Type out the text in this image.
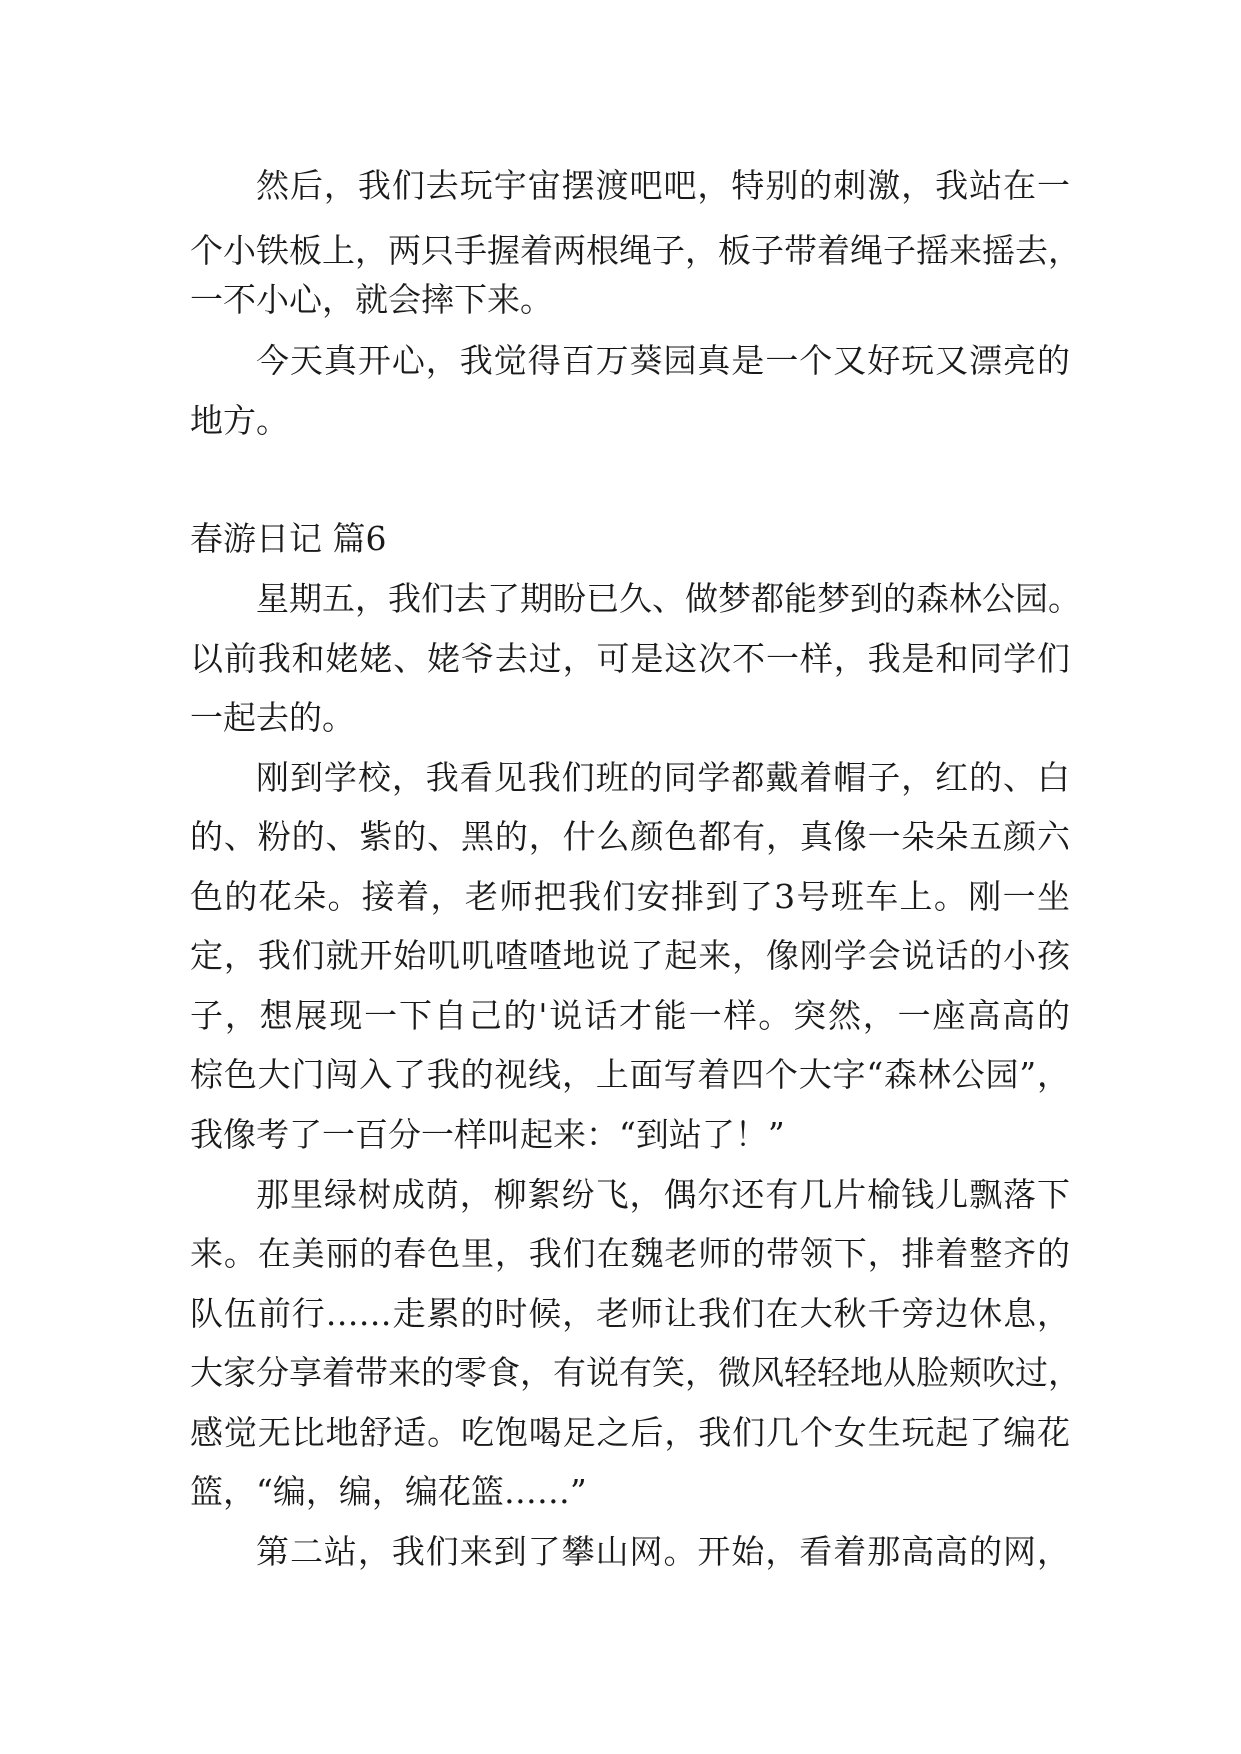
然后，我们去玩宇宙摆渡吧吧，特别的刺激，我站在一
个小铁板上，两只手握着两根绳子，板子带着绳子摇来摇去，
一不小心，就会摔下来。
今天真开心，我觉得百万葵园真是一个又好玩又漂亮的
地方。
春游日记 篇6
星期五，我们去了期盼已久、做梦都能梦到的森林公园。
以前我和姥姥、姥爷去过，可是这次不一样，我是和同学们
一起去的。
刚到学校，我看见我们班的同学都戴着帽子，红的、白
的、粉的、紫的、黑的，什么颜色都有，真像一朵朵五颜六
色的花朵。接着，老师把我们安排到了3号班车上。刚一坐
定，我们就开始叽叽喳喳地说了起来，像刚学会说话的小孩
子，想展现一下自己的'说话才能一样。突然，一座高高的
棕色大门闯入了我的视线，上面写着四个大字“森林公园”，
我像考了一百分一样叫起来：“到站了！”
那里绿树成荫，柳絮纷飞，偶尔还有几片榆钱儿飘落下
来。在美丽的春色里，我们在魏老师的带领下，排着整齐的
队伍前行……走累的时候，老师让我们在大秋千旁边休息，
大家分享着带来的零食，有说有笑，微风轻轻地从脸颊吹过，
感觉无比地舒适。吃饱喝足之后，我们几个女生玩起了编花
篮，“编，编，编花篮……”
第二站，我们来到了攀山网。开始，看着那高高的网，
